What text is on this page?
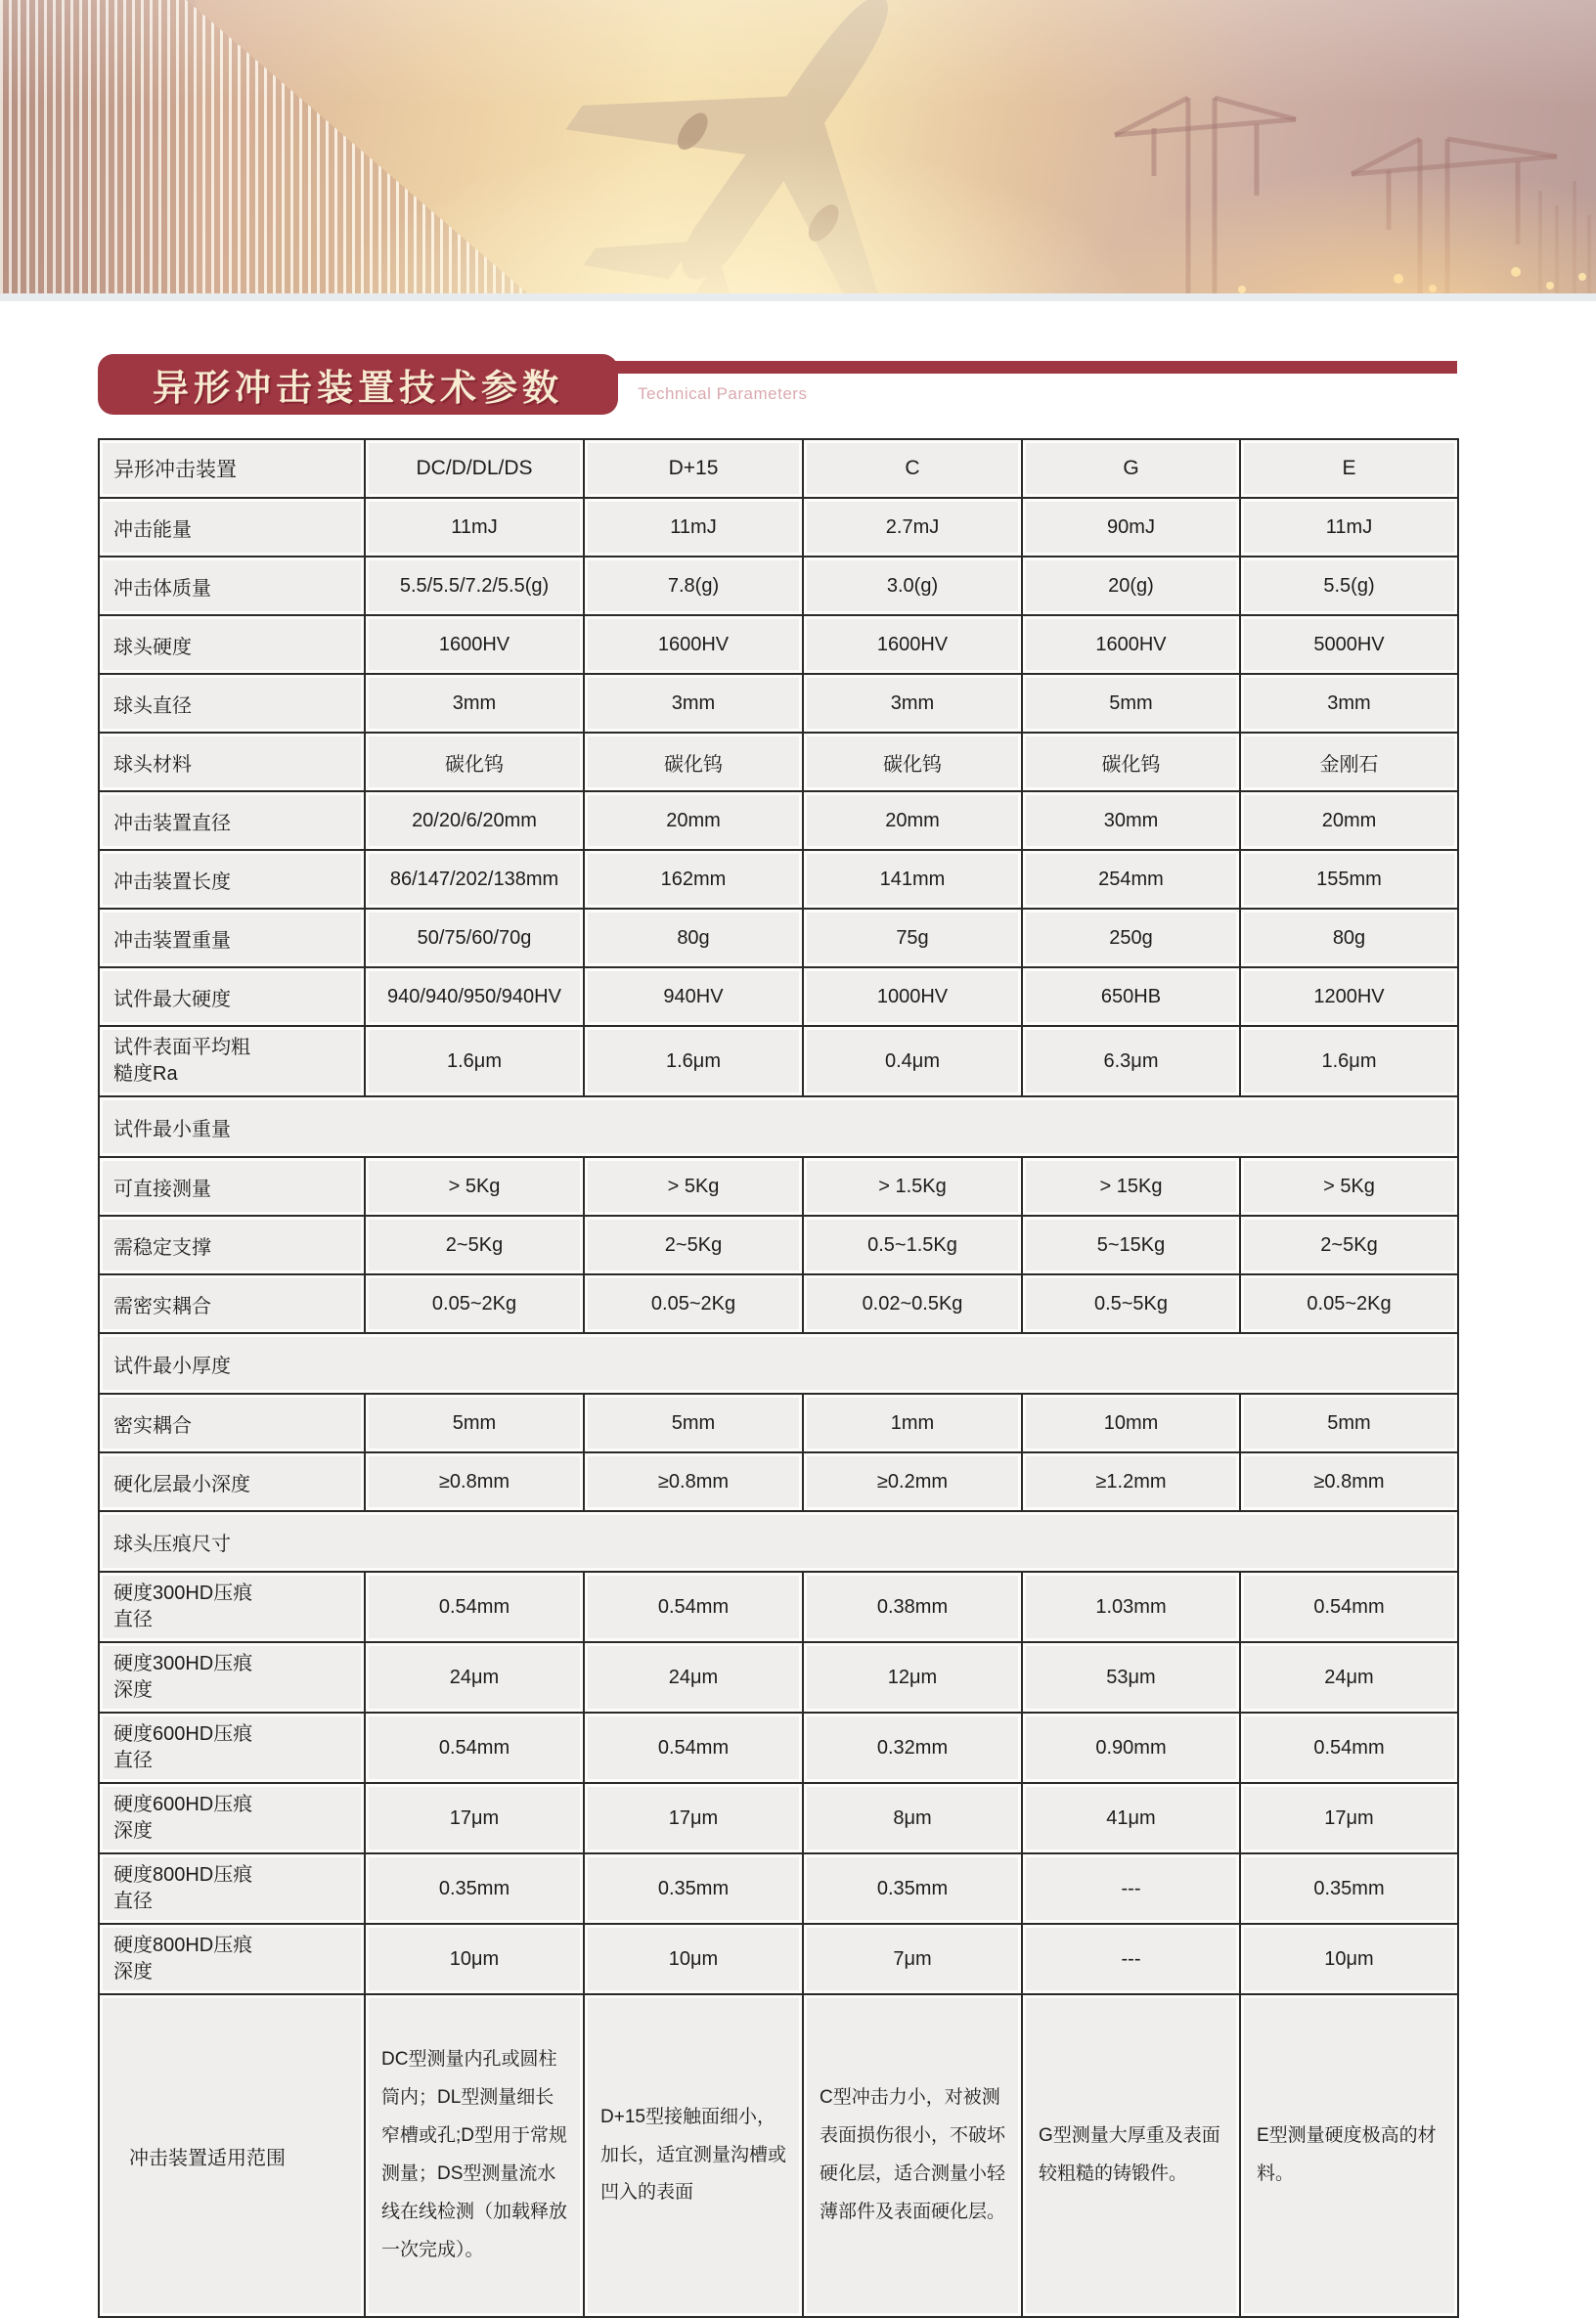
异形冲击装置技术参数	Technical Parameters
异形冲击装置	DC/D/DL/DS	D+15	C	G	E
冲击能量	11mJ	11mJ	2.7mJ	90mJ	11mJ
冲击体质量	5.5/5.5/7.2/5.5(g)	7.8(g)	3.0(g)	20(g)	5.5(g)
球头硬度	1600HV	1600HV	1600HV	1600HV	5000HV
球头直径	3mm	3mm	3mm	5mm	3mm
球头材料	碳化钨	碳化钨	碳化钨	碳化钨	金刚石
冲击装置直径	20/20/6/20mm	20mm	20mm	30mm	20mm
冲击装置长度	86/147/202/138mm	162mm	141mm	254mm	155mm
冲击装置重量	50/75/60/70g	80g	75g	250g	80g
试件最大硬度	940/940/950/940HV	940HV	1000HV	650HB	1200HV
试件表面平均粗糙度Ra	1.6μm	1.6μm	0.4μm	6.3μm	1.6μm
试件最小重量					
可直接测量	> 5Kg	> 5Kg	> 1.5Kg	> 15Kg	> 5Kg
需稳定支撑	2~5Kg	2~5Kg	0.5~1.5Kg	5~15Kg	2~5Kg
需密实耦合	0.05~2Kg	0.05~2Kg	0.02~0.5Kg	0.5~5Kg	0.05~2Kg
试件最小厚度					
密实耦合	5mm	5mm	1mm	10mm	5mm
硬化层最小深度	≥0.8mm	≥0.8mm	≥0.2mm	≥1.2mm	≥0.8mm
球头压痕尺寸					
硬度300HD压痕直径	0.54mm	0.54mm	0.38mm	1.03mm	0.54mm
硬度300HD压痕深度	24μm	24μm	12μm	53μm	24μm
硬度600HD压痕直径	0.54mm	0.54mm	0.32mm	0.90mm	0.54mm
硬度600HD压痕深度	17μm	17μm	8μm	41μm	17μm
硬度800HD压痕直径	0.35mm	0.35mm	0.35mm	---	0.35mm
硬度800HD压痕深度	10μm	10μm	7μm	---	10μm
冲击装置适用范围	DC型测量内孔或圆柱筒内；DL型测量细长窄槽或孔;D型用于常规测量；DS型测量流水线在线检测（加载释放一次完成）。	D+15型接触面细小，加长，适宜测量沟槽或凹入的表面	C型冲击力小，对被测表面损伤很小，不破坏硬化层，适合测量小轻薄部件及表面硬化层。	G型测量大厚重及表面较粗糙的铸锻件。	E型测量硬度极高的材料。
